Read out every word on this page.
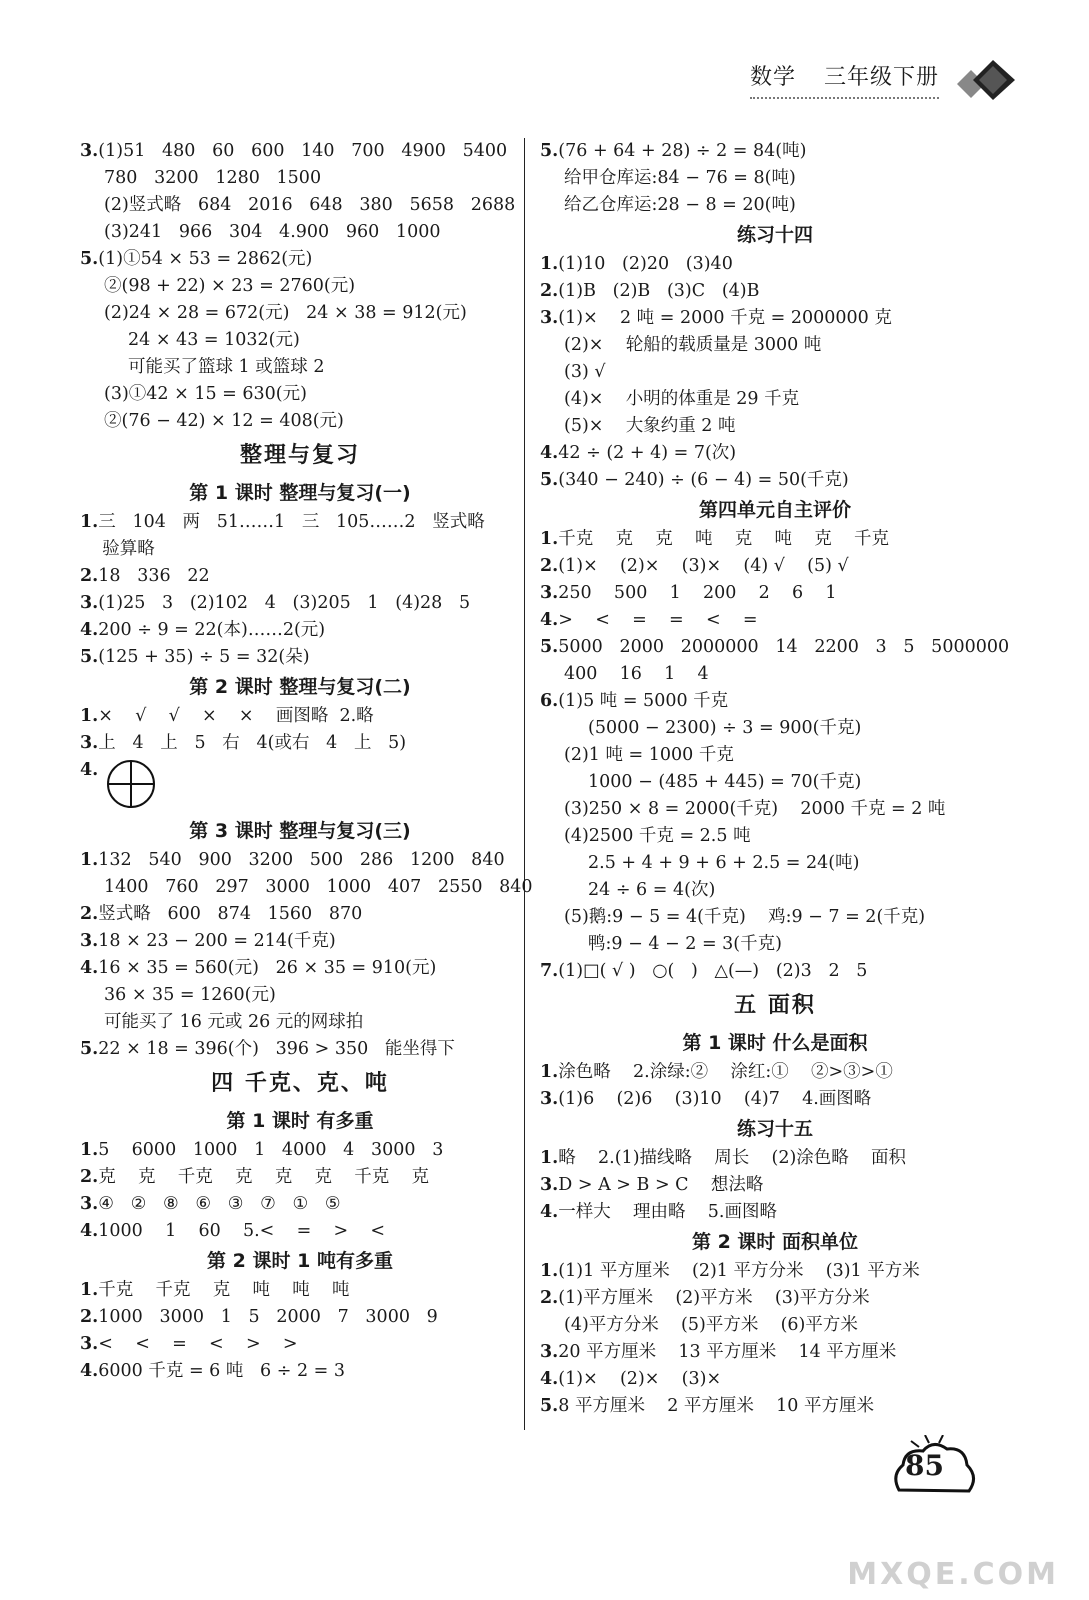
数学 三年级下册
3.(1)51   480   60   600   140   700   4900   5400
780   3200   1280   1500
(2)竖式略   684   2016   648   380   5658   2688
(3)241   966   304   4.900   960   1000
5.(1)①54 × 53 = 2862(元)
②(98 + 22) × 23 = 2760(元)
(2)24 × 28 = 672(元)   24 × 38 = 912(元)
24 × 43 = 1032(元)
可能买了篮球 1 或篮球 2
(3)①42 × 15 = 630(元)
②(76 − 42) × 12 = 408(元)
整理与复习
第 1 课时 整理与复习(一)
1.三   104   两   51……1   三   105……2   竖式略
验算略
2.18   336   22
3.(1)25   3   (2)102   4   (3)205   1   (4)28   5
4.200 ÷ 9 = 22(本)……2(元)
5.(125 + 35) ÷ 5 = 32(朵)
第 2 课时 整理与复习(二)
1.×    √    √    ×    ×    画图略  2.略
3.上   4   上   5   右   4(或右   4   上   5)
4.
第 3 课时 整理与复习(三)
1.132   540   900   3200   500   286   1200   840
1400   760   297   3000   1000   407   2550   840
2.竖式略   600   874   1560   870
3.18 × 23 − 200 = 214(千克)
4.16 × 35 = 560(元)   26 × 35 = 910(元)
36 × 35 = 1260(元)
可能买了 16 元或 26 元的网球拍
5.22 × 18 = 396(个)   396 > 350   能坐得下
四 千克、克、吨
第 1 课时 有多重
1.5    6000   1000   1   4000   4   3000   3
2.克    克    千克    克    克    克    千克    克
3.④   ②   ⑧   ⑥   ③   ⑦   ①   ⑤
4.1000    1    60    5.<    =    >    <
第 2 课时 1 吨有多重
1.千克    千克    克    吨    吨    吨
2.1000   3000   1   5   2000   7   3000   9
3.<    <    =    <    >    >
4.6000 千克 = 6 吨   6 ÷ 2 = 3
5.(76 + 64 + 28) ÷ 2 = 84(吨)
给甲仓库运:84 − 76 = 8(吨)
给乙仓库运:28 − 8 = 20(吨)
练习十四
1.(1)10   (2)20   (3)40
2.(1)B   (2)B   (3)C   (4)B
3.(1)×    2 吨 = 2000 千克 = 2000000 克
(2)×    轮船的载质量是 3000 吨
(3) √
(4)×    小明的体重是 29 千克
(5)×    大象约重 2 吨
4.42 ÷ (2 + 4) = 7(次)
5.(340 − 240) ÷ (6 − 4) = 50(千克)
第四单元自主评价
1.千克    克    克    吨    克    吨    克    千克
2.(1)×    (2)×    (3)×    (4) √    (5) √
3.250    500    1    200    2    6    1
4.>    <    =    =    <    =
5.5000   2000   2000000   14   2200   3   5   5000000
400    16    1    4
6.(1)5 吨 = 5000 千克
(5000 − 2300) ÷ 3 = 900(千克)
(2)1 吨 = 1000 千克
1000 − (485 + 445) = 70(千克)
(3)250 × 8 = 2000(千克)    2000 千克 = 2 吨
(4)2500 千克 = 2.5 吨
2.5 + 4 + 9 + 6 + 2.5 = 24(吨)
24 ÷ 6 = 4(次)
(5)鹅:9 − 5 = 4(千克)    鸡:9 − 7 = 2(千克)
鸭:9 − 4 − 2 = 3(千克)
7.(1)□( √ )   ○(   )   △(—)   (2)3   2   5
五 面积
第 1 课时 什么是面积
1.涂色略    2.涂绿:②    涂红:①    ②>③>①
3.(1)6    (2)6    (3)10    (4)7    4.画图略
练习十五
1.略    2.(1)描线略    周长    (2)涂色略    面积
3.D > A > B > C    想法略
4.一样大    理由略    5.画图略
第 2 课时 面积单位
1.(1)1 平方厘米    (2)1 平方分米    (3)1 平方米
2.(1)平方厘米    (2)平方米    (3)平方分米
(4)平方分米    (5)平方米    (6)平方米
3.20 平方厘米    13 平方厘米    14 平方厘米
4.(1)×    (2)×    (3)×
5.8 平方厘米    2 平方厘米    10 平方厘米
85
MXQE.COM
